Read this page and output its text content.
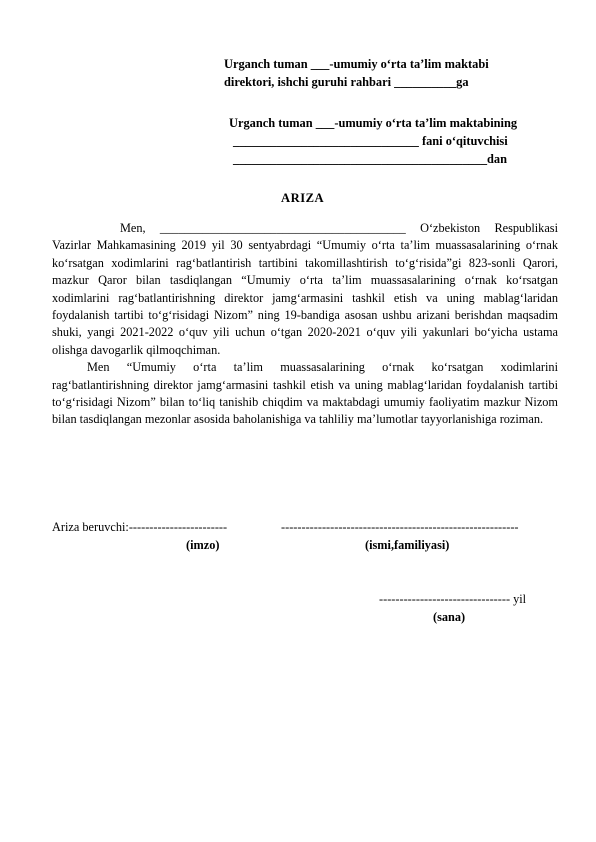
Urganch tuman ___-umumiy o‘rta ta’lim maktabi
direktori, ishchi guruhi rahbari __________ga
Urganch tuman ___-umumiy o‘rta ta’lim maktabining
______________________________ fani o‘qituvchisi
_________________________________________dan
ARIZA

Men, ________________________________________ O‘zbekiston Respublikasi Vazirlar Mahkamasining 2019 yil 30 sentyabrdagi “Umumiy o‘rta ta’lim muassasalarining o‘rnak ko‘rsatgan xodimlarini rag‘batlantirish tartibini takomillashtirish to‘g‘risida”gi 823-sonli Qarori, mazkur Qaror bilan tasdiqlangan “Umumiy o‘rta ta’lim muassasalarining o‘rnak ko‘rsatgan xodimlarini rag‘batlantirishning direktor jamg‘armasini tashkil etish va uning mablag‘laridan foydalanish tartibi to‘g‘risidagi Nizom” ning 19-bandiga asosan ushbu arizani berishdan maqsadim shuki, yangi 2021-2022 o‘quv yili uchun o‘tgan 2020-2021 o‘quv yili yakunlari bo‘yicha ustama olishga davogarlik qilmoqchiman.

Men “Umumiy o‘rta ta’lim muassasalarining o‘rnak ko‘rsatgan xodimlarini rag‘batlantirishning direktor jamg‘armasini tashkil etish va uning mablag‘laridan foydalanish tartibi to‘g‘risidagi Nizom” bilan to‘liq tanishib chiqdim va maktabdagi umumiy faoliyatim mazkur Nizom bilan tasdiqlangan mezonlar asosida baholanishiga va tahliliy ma’lumotlar tayyorlanishiga roziman.

Ariza beruvchi:------------------------	----------------------------------------------------------
(imzo)	(ismi,familiyasi)
-------------------------------- yil
(sana)
